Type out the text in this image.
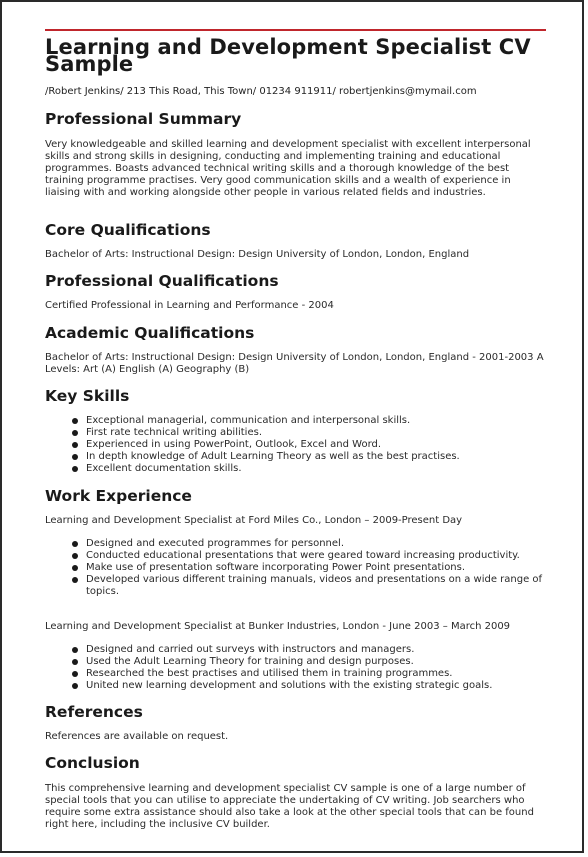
Learning and Development Specialist CV Sample
/Robert Jenkins/ 213 This Road, This Town/ 01234 911911/ robertjenkins@mymail.com
Professional Summary

Very knowledgeable and skilled learning and development specialist with excellent interpersonal skills and strong skills in designing, conducting and implementing training and educational programmes. Boasts advanced technical writing skills and a thorough knowledge of the best training programme practises. Very good communication skills and a wealth of experience in liaising with and working alongside other people in various related fields and industries.

Core Qualifications

Bachelor of Arts: Instructional Design: Design University of London, London, England

Professional Qualifications

Certified Professional in Learning and Performance - 2004

Academic Qualifications

Bachelor of Arts: Instructional Design: Design University of London, London, England - 2001-2003 A Levels: Art (A) English (A) Geography (B)

Key Skills
Exceptional managerial, communication and interpersonal skills.
First rate technical writing abilities.
Experienced in using PowerPoint, Outlook, Excel and Word.
In depth knowledge of Adult Learning Theory as well as the best practises.
Excellent documentation skills.
Work Experience

Learning and Development Specialist at Ford Miles Co., London – 2009-Present Day

Designed and executed programmes for personnel.
Conducted educational presentations that were geared toward increasing productivity.
Make use of presentation software incorporating Power Point presentations.
Developed various different training manuals, videos and presentations on a wide range of topics.

Learning and Development Specialist at Bunker Industries, London - June 2003 – March 2009

Designed and carried out surveys with instructors and managers.
Used the Adult Learning Theory for training and design purposes.
Researched the best practises and utilised them in training programmes.
United new learning development and solutions with the existing strategic goals.
References

References are available on request.

Conclusion

This comprehensive learning and development specialist CV sample is one of a large number of special tools that you can utilise to appreciate the undertaking of CV writing. Job searchers who require some extra assistance should also take a look at the other special tools that can be found right here, including the inclusive CV builder.
